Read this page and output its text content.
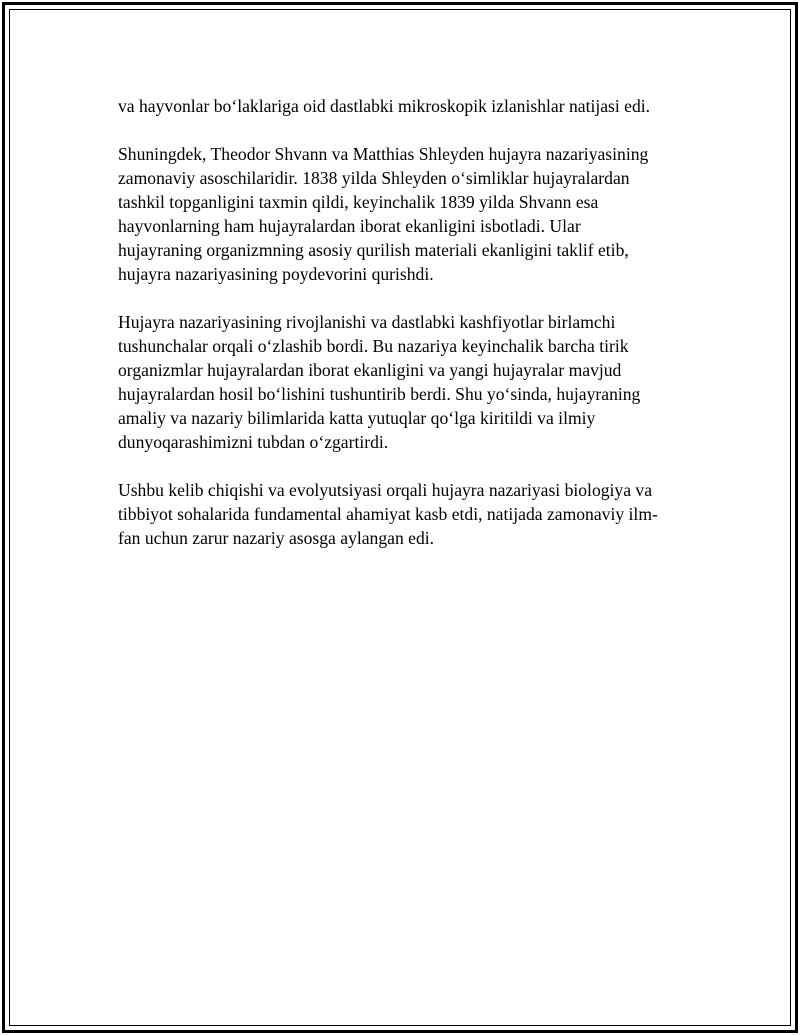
va hayvonlar bo‘laklariga oid dastlabki mikroskopik izlanishlar natijasi edi.

Shuningdek, Theodor Shvann va Matthias Shleyden hujayra nazariyasining
zamonaviy asoschilaridir. 1838 yilda Shleyden o‘simliklar hujayralardan
tashkil topganligini taxmin qildi, keyinchalik 1839 yilda Shvann esa
hayvonlarning ham hujayralardan iborat ekanligini isbotladi. Ular
hujayraning organizmning asosiy qurilish materiali ekanligini taklif etib,
hujayra nazariyasining poydevorini qurishdi.

Hujayra nazariyasining rivojlanishi va dastlabki kashfiyotlar birlamchi
tushunchalar orqali o‘zlashib bordi. Bu nazariya keyinchalik barcha tirik
organizmlar hujayralardan iborat ekanligini va yangi hujayralar mavjud
hujayralardan hosil bo‘lishini tushuntirib berdi. Shu yo‘sinda, hujayraning
amaliy va nazariy bilimlarida katta yutuqlar qo‘lga kiritildi va ilmiy
dunyoqarashimizni tubdan o‘zgartirdi.

Ushbu kelib chiqishi va evolyutsiyasi orqali hujayra nazariyasi biologiya va
tibbiyot sohalarida fundamental ahamiyat kasb etdi, natijada zamonaviy ilm-
fan uchun zarur nazariy asosga aylangan edi.
